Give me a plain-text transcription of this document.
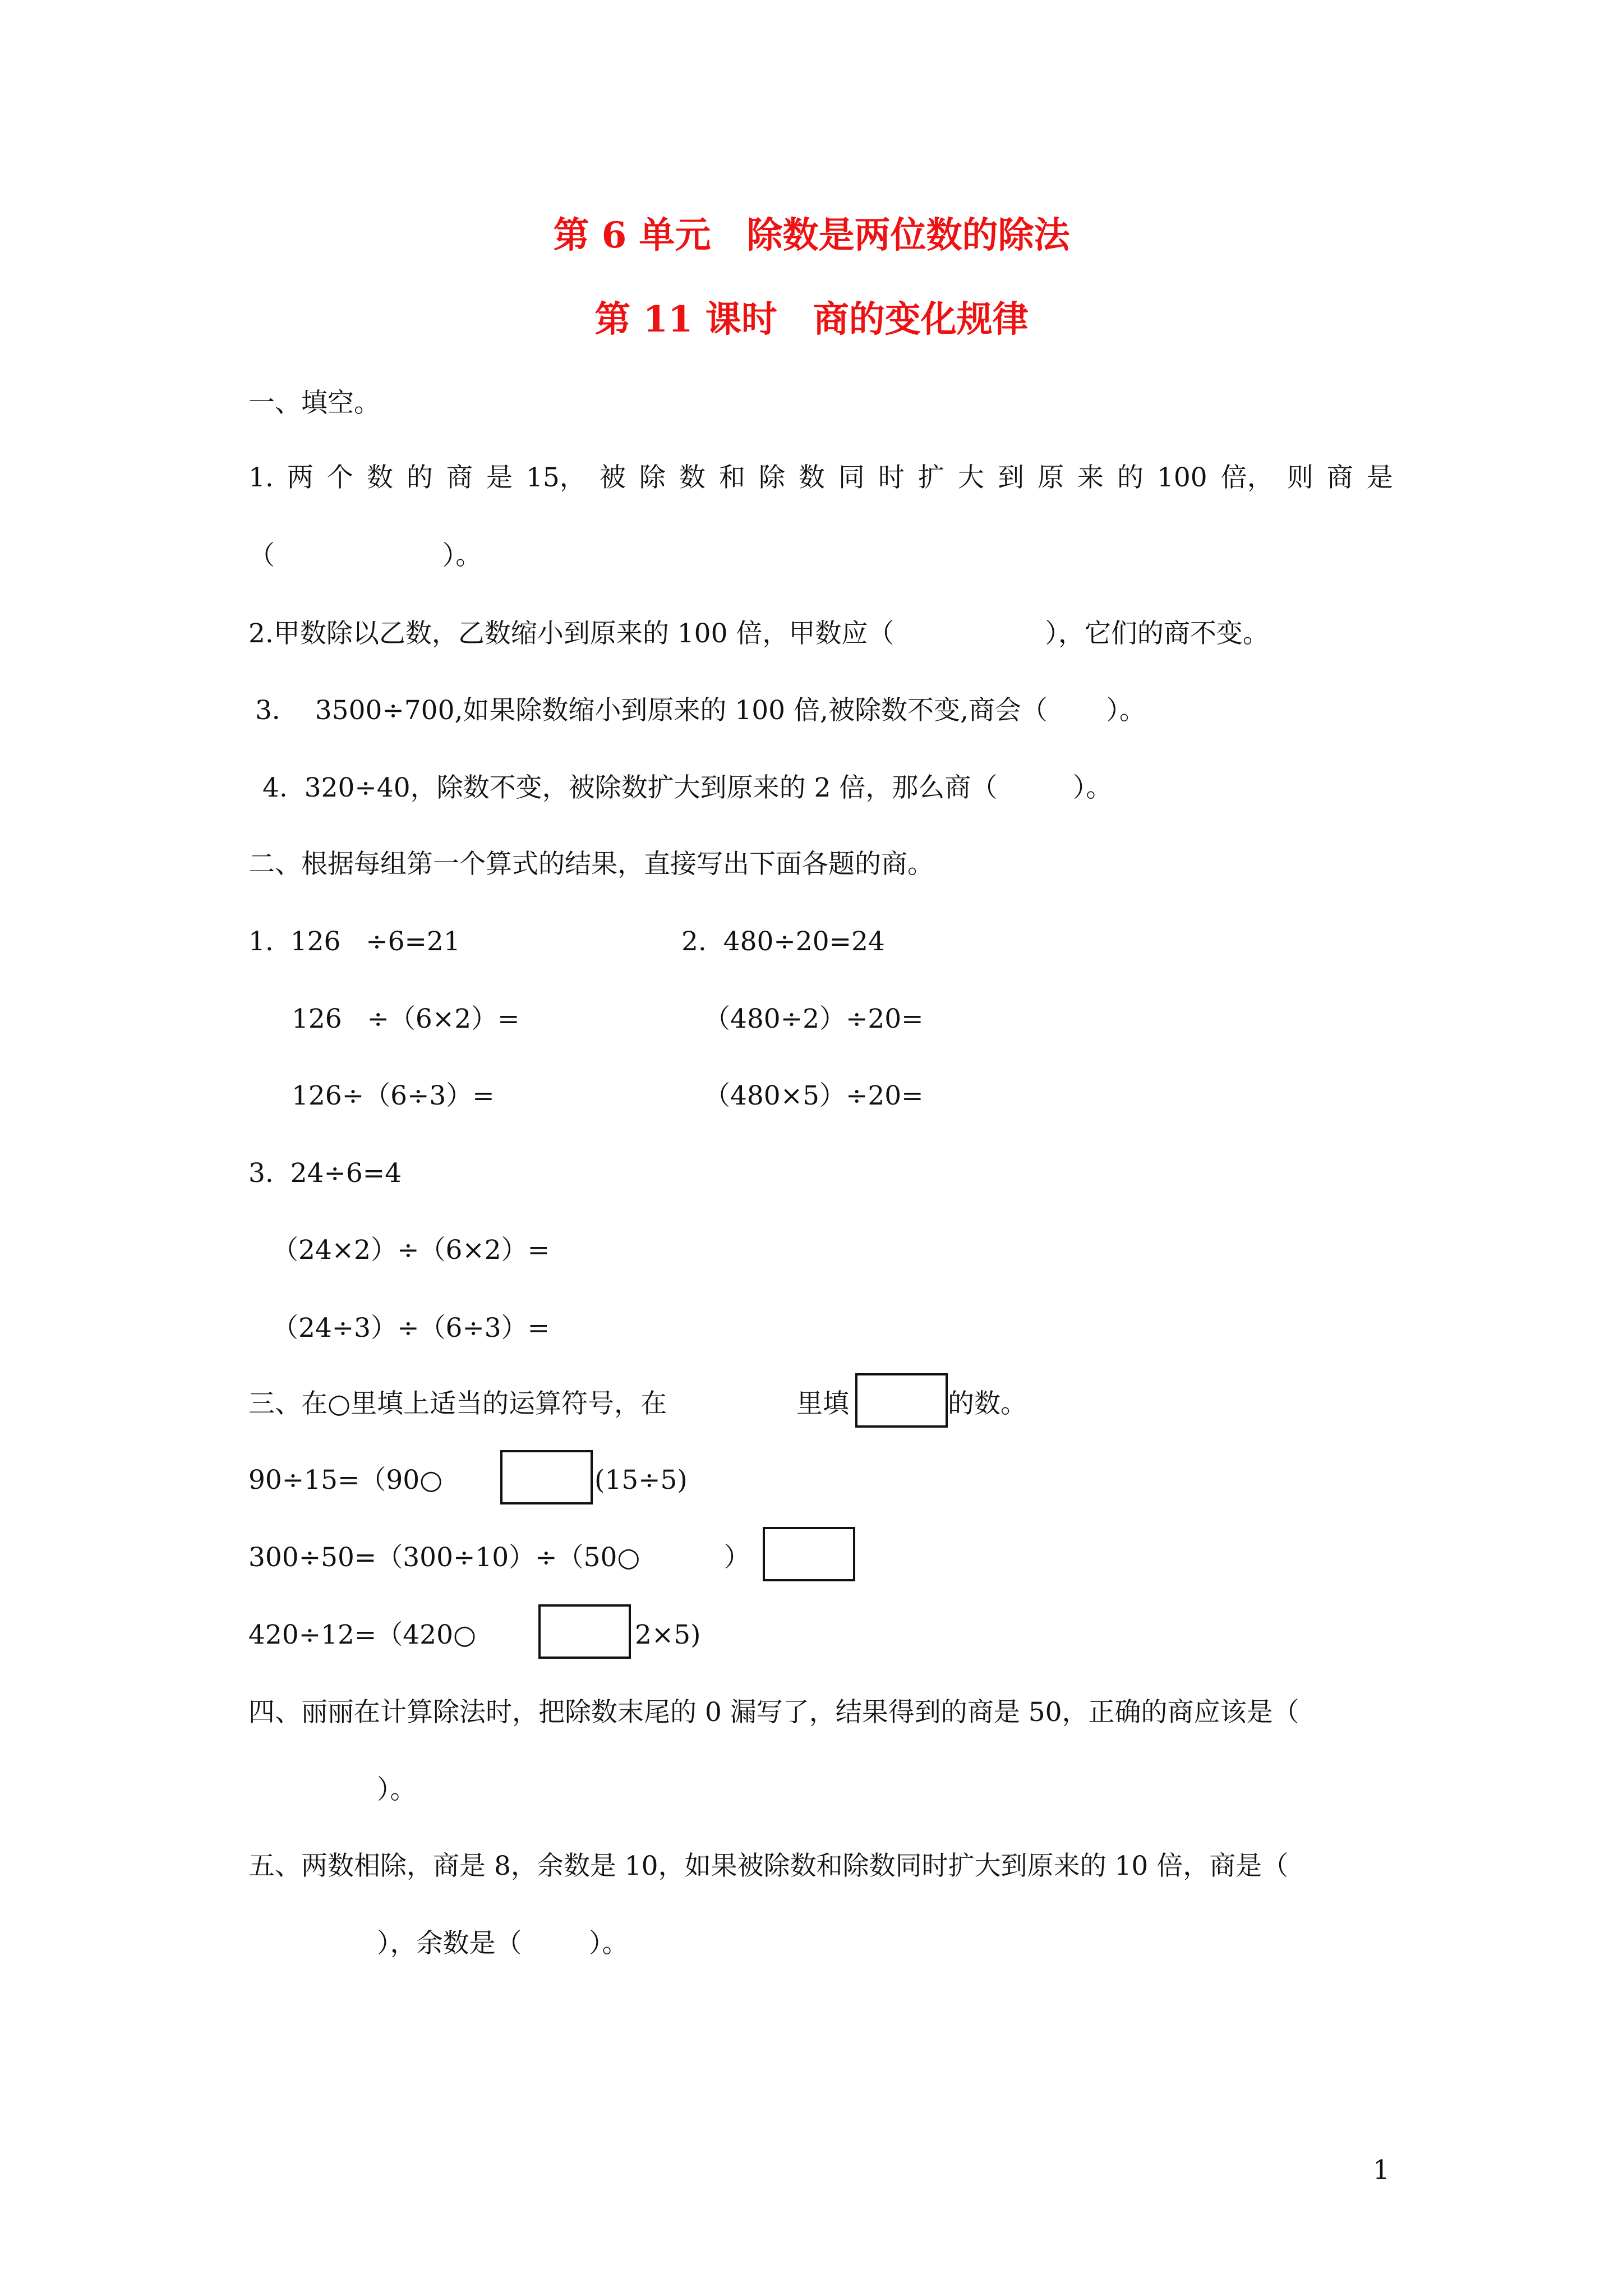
第 6 单元　除数是两位数的除法
第 11 课时　商的变化规律
一、填空。
1. 两 个 数 的 商 是 15， 被 除 数 和 除 数 同 时 扩 大 到 原 来 的 100 倍， 则 商 是
（                    ）。
2.甲数除以乙数，乙数缩小到原来的 100 倍，甲数应（                  ），它们的商不变。
3．  3500÷700,如果除数缩小到原来的 100 倍,被除数不变,商会（       ）。
4.  320÷40，除数不变，被除数扩大到原来的 2 倍，那么商（         ）。
二、根据每组第一个算式的结果，直接写出下面各题的商。
1.  126   ÷6=21
126   ÷（6×2）=
126÷（6÷3）=
2.  480÷20=24
（480÷2）÷20=
（480×5）÷20=
3.  24÷6=4
（24×2）÷（6×2）=
（24÷3）÷（6÷3）=
三、在○里填上适当的运算符号，在	里填	的数。
90÷15=（90○	(15÷5)
300÷50=（300÷10）÷（50○          ）
420÷12=（420○	2×5)
四、丽丽在计算除法时，把除数末尾的 0 漏写了，结果得到的商是 50，正确的商应该是（
）。
五、两数相除，商是 8，余数是 10，如果被除数和除数同时扩大到原来的 10 倍，商是（
），余数是（        ）。
1
